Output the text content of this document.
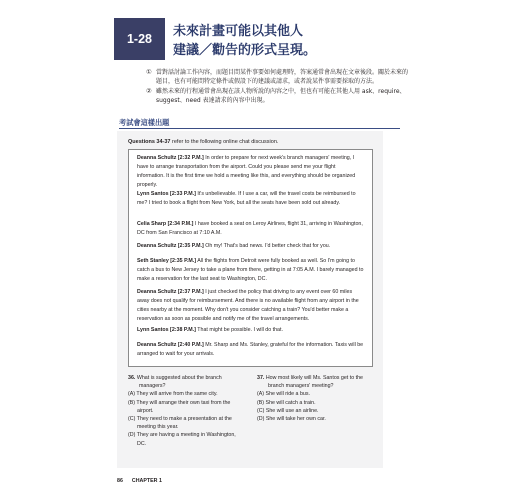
1-28 未來計畫可能以其他人
建議／勸告的形式呈現。
① 當對話討論工作內容，而題目問某件事要如何處理時，答案通常會出現在文章後段。關於未來的題目，也有可能問特定條件或假設下的建議或請求，或者說某件事需要採取的方法。
② 雖然未來的行程通常會出現在該人物所說的內容之中，但也有可能在其他人用 ask、require、suggest、need 表達請求的內容中出現。
考試會這樣出題
Questions 34-37 refer to the following online chat discussion.
Deanna Schultz [2:32 P.M.] In order to prepare for next week's branch managers' meeting, I have to arrange transportation from the airport. Could you please send me your flight information. It is the first time we hold a meeting like this, and everything should be organized properly.
Lynn Santos [2:33 P.M.] It's unbelievable. If I use a car, will the travel costs be reimbursed to me? I tried to book a flight from New York, but all the seats have been sold out already.
Celia Sharp [2:34 P.M.] I have booked a seat on Leroy Airlines, flight 31, arriving in Washington, DC from San Francisco at 7:10 A.M.
Deanna Schultz [2:35 P.M.] Oh my! That's bad news. I'd better check that for you.
Seth Stanley [2:35 P.M.] All the flights from Detroit were fully booked as well. So I'm going to catch a bus to New Jersey to take a plane from there, getting in at 7:05 A.M. I barely managed to make a reservation for the last seat to Washington, DC.
Deanna Schultz [2:37 P.M.] I just checked the policy that driving to any event over 60 miles away does not qualify for reimbursement. And there is no available flight from any airport in the cities nearby at the moment. Why don't you consider catching a train? You'd better make a reservation as soon as possible and notify me of the travel arrangements.
Lynn Santos [2:38 P.M.] That might be possible. I will do that.
Deanna Schultz [2:40 P.M.] Mr. Sharp and Ms. Stanley, grateful for the information. Taxis will be arranged to wait for your arrivals.
36. What is suggested about the branch managers?
(A) They will arrive from the same city.
(B) They will arrange their own taxi from the airport.
(C) They need to make a presentation at the meeting this year.
(D) They are having a meeting in Washington, DC.
37. How most likely will Ms. Santos get to the branch managers' meeting?
(A) She will ride a bus.
(B) She will catch a train.
(C) She will use an airline.
(D) She will take her own car.
86 CHAPTER 1
